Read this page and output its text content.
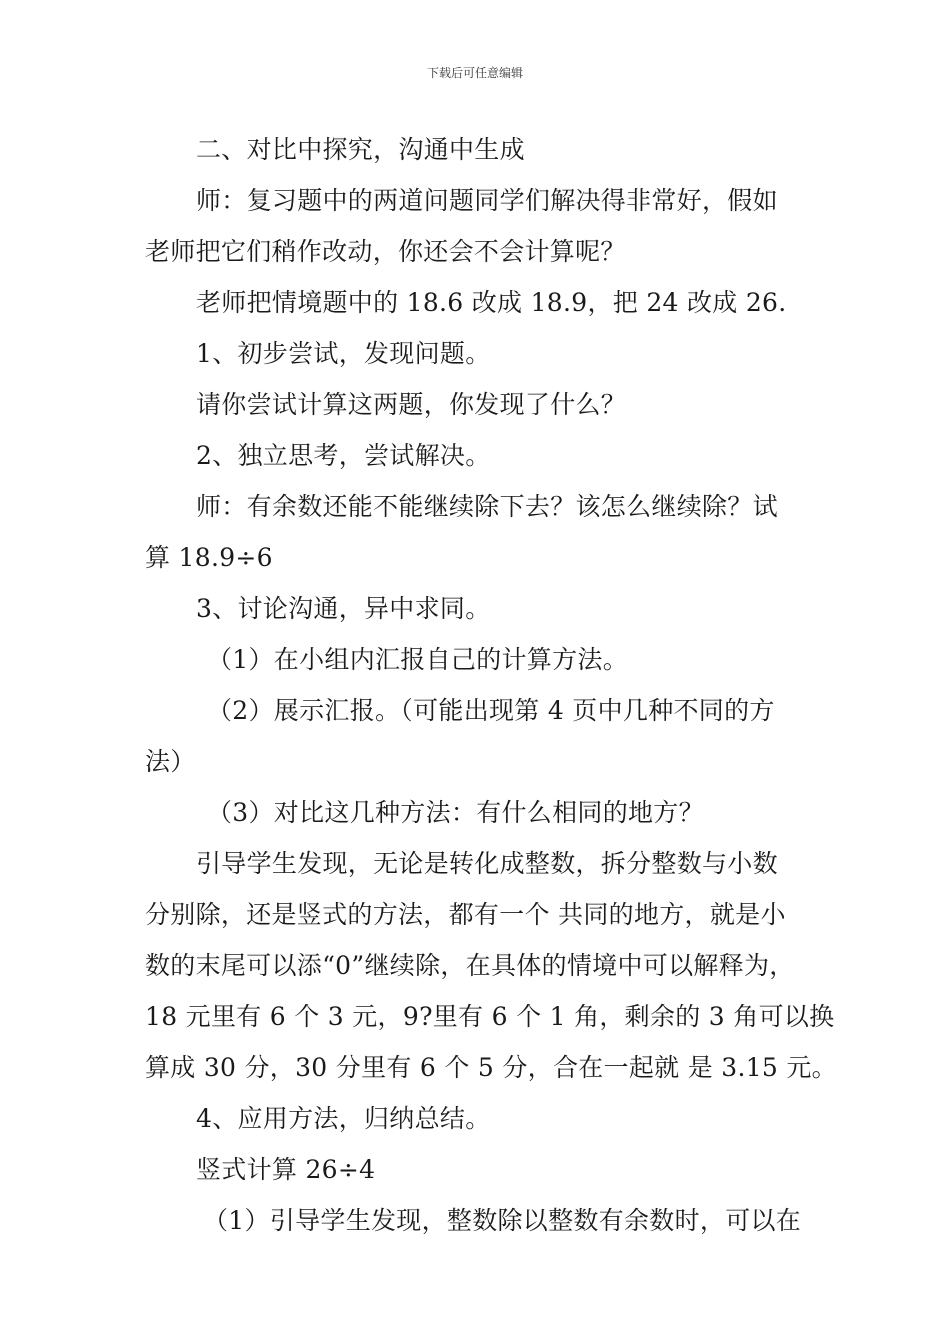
下载后可任意编辑
二、对比中探究，沟通中生成
师：复习题中的两道问题同学们解决得非常好，假如
老师把它们稍作改动，你还会不会计算呢？
老师把情境题中的 18.6 改成 18.9，把 24 改成 26.
1、初步尝试，发现问题。
请你尝试计算这两题，你发现了什么？
2、独立思考，尝试解决。
师：有余数还能不能继续除下去？该怎么继续除？试
算 18.9÷6
3、讨论沟通，异中求同。
（1）在小组内汇报自己的计算方法。
（2）展示汇报。（可能出现第 4 页中几种不同的方
法）
（3）对比这几种方法：有什么相同的地方？
引导学生发现，无论是转化成整数，拆分整数与小数
分别除，还是竖式的方法，都有一个 共同的地方，就是小
数的末尾可以添“0”继续除，在具体的情境中可以解释为，
18 元里有 6 个 3 元，9?里有 6 个 1 角，剩余的 3 角可以换
算成 30 分，30 分里有 6 个 5 分，合在一起就 是 3.15 元。
4、应用方法，归纳总结。
竖式计算 26÷4
（1）引导学生发现，整数除以整数有余数时，可以在
